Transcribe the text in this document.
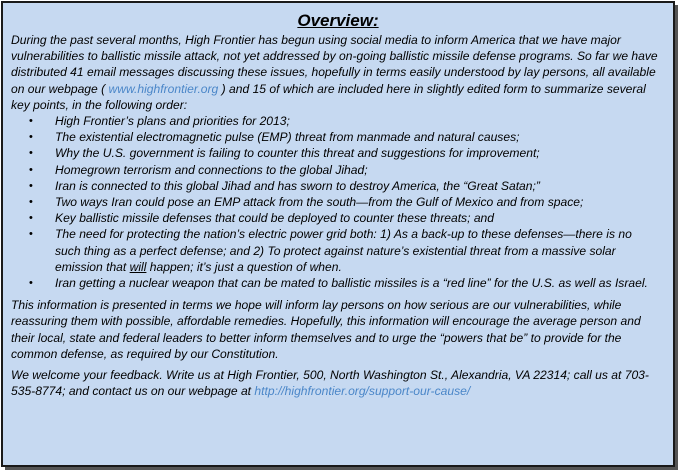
Overview:

During the past several months, High Frontier has begun using social media to inform America that we have major vulnerabilities to ballistic missile attack, not yet addressed by on-going ballistic missile defense programs. So far we have distributed 41 email messages discussing these issues, hopefully in terms easily understood by lay persons, all available on our webpage ( www.highfrontier.org ) and 15 of which are included here in slightly edited form to summarize several key points, in the following order:

• High Frontier’s plans and priorities for 2013;
• The existential electromagnetic pulse (EMP) threat from manmade and natural causes;
• Why the U.S. government is failing to counter this threat and suggestions for improvement;
• Homegrown terrorism and connections to the global Jihad;
• Iran is connected to this global Jihad and has sworn to destroy America, the “Great Satan;”
• Two ways Iran could pose an EMP attack from the south—from the Gulf of Mexico and from space;
• Key ballistic missile defenses that could be deployed to counter these threats; and
• The need for protecting the nation’s electric power grid both: 1) As a back-up to these defenses—there is no such thing as a perfect defense; and 2) To protect against nature’s existential threat from a massive solar emission that will happen; it’s just a question of when.
• Iran getting a nuclear weapon that can be mated to ballistic missiles is a “red line” for the U.S. as well as Israel.

This information is presented in terms we hope will inform lay persons on how serious are our vulnerabilities, while reassuring them with possible, affordable remedies. Hopefully, this information will encourage the average person and their local, state and federal leaders to better inform themselves and to urge the “powers that be” to provide for the common defense, as required by our Constitution.

We welcome your feedback. Write us at High Frontier, 500, North Washington St., Alexandria, VA 22314; call us at 703-535-8774; and contact us on our webpage at http://highfrontier.org/support-our-cause/
